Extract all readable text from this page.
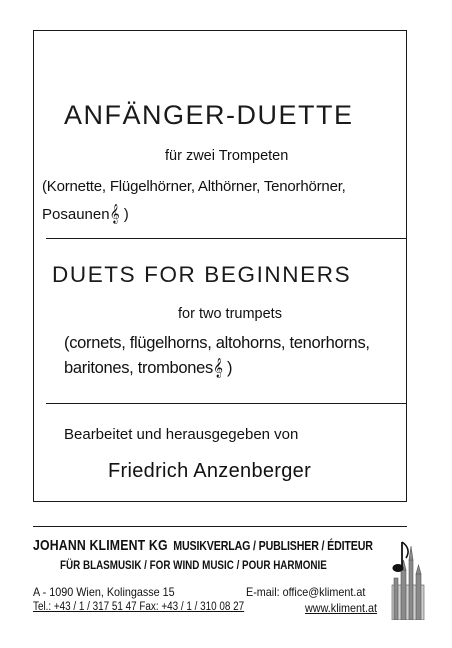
ANFÄNGER-DUETTE
für zwei Trompeten
(Kornette, Flügelhörner, Althörner, Tenorhörner,
Posaunen𝄞 )
DUETS FOR BEGINNERS
for two trumpets
(cornets, flügelhorns, altohorns, tenorhorns,
baritones, trombones𝄞 )
Bearbeitet und herausgegeben von
Friedrich Anzenberger
JOHANN KLIMENT KG MUSIKVERLAG / PUBLISHER / ÉDITEUR
FÜR BLASMUSIK / FOR WIND MUSIC / POUR HARMONIE
A - 1090 Wien, Kolingasse 15	E-mail: office@kliment.at
Tel.: +43 / 1 / 317 51 47 Fax: +43 / 1 / 310 08 27	www.kliment.at
